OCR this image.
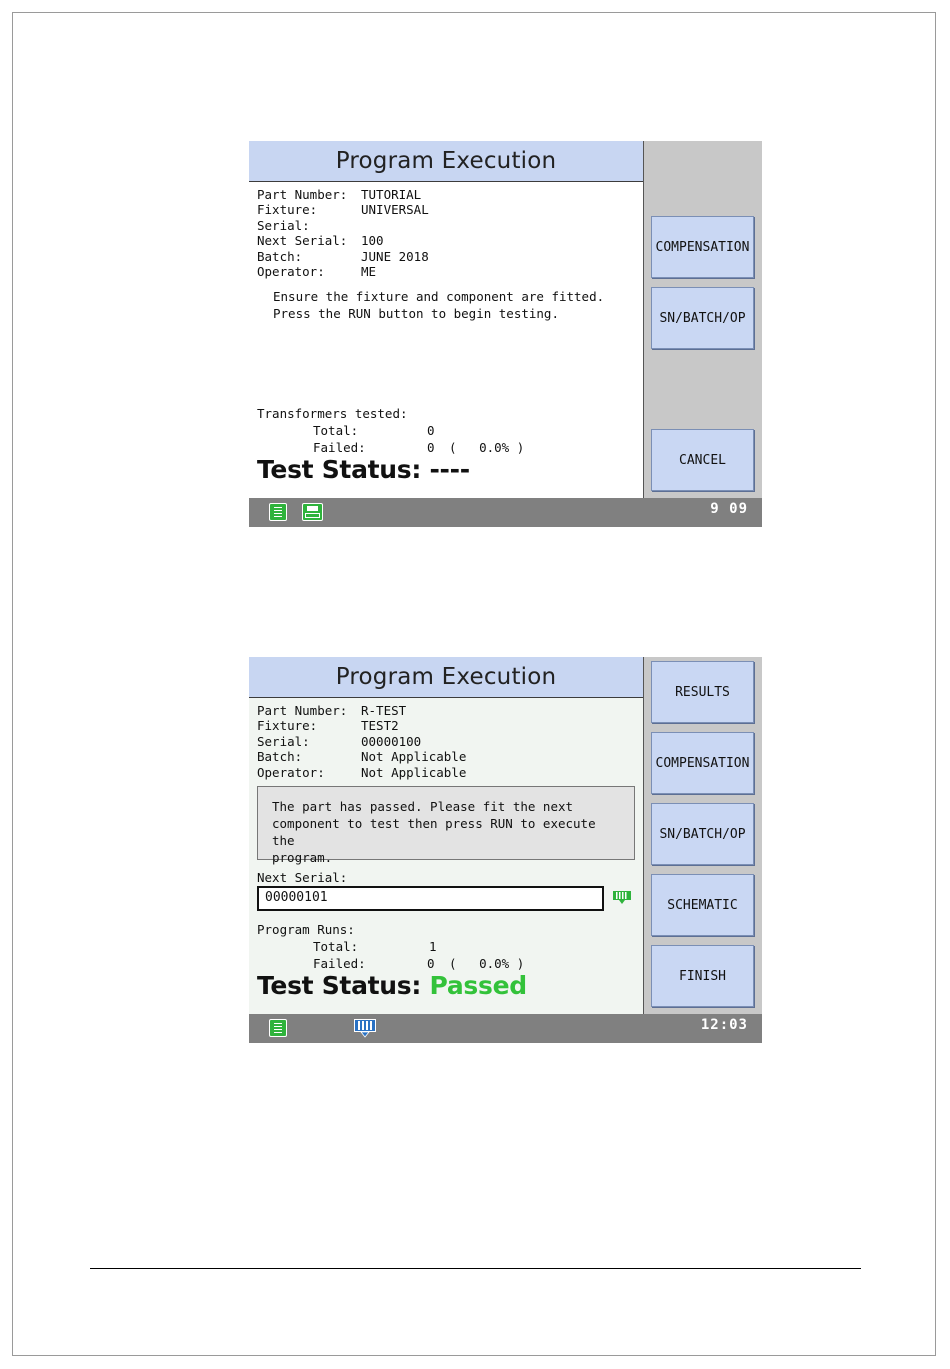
Program Execution
Part Number:	TUTORIAL
Fixture:	UNIVERSAL
Serial:
Next Serial:	100
Batch:	JUNE 2018
Operator:	ME
Ensure the fixture and component are fitted.
Press the RUN button to begin testing.
Transformers tested:
Total:	0
Failed:	0 (   0.0% )
Test Status: ----
COMPENSATION
SN/BATCH/OP
CANCEL
9 09
Program Execution
Part Number:	R-TEST
Fixture:	TEST2
Serial:	00000100
Batch:	Not Applicable
Operator:	Not Applicable
The part has passed. Please fit the next
component to test then press RUN to execute the
program.
Next Serial:
00000101
Program Runs:
Total:	1
Failed:	0 (   0.0% )
Test Status: Passed
RESULTS
COMPENSATION
SN/BATCH/OP
SCHEMATIC
FINISH
12:03
